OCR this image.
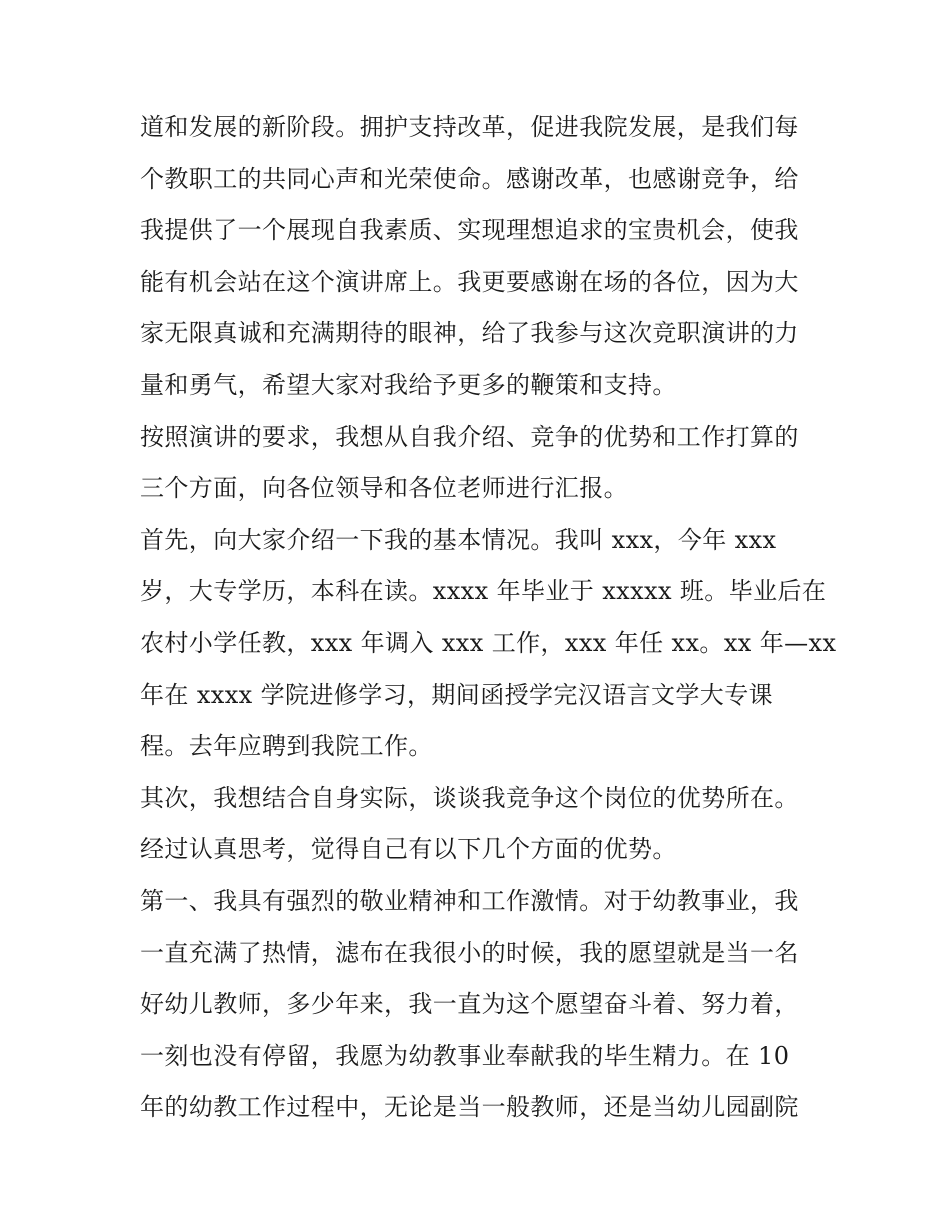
道和发展的新阶段。拥护支持改革，促进我院发展，是我们每
个教职工的共同心声和光荣使命。感谢改革，也感谢竞争，给
我提供了一个展现自我素质、实现理想追求的宝贵机会，使我
能有机会站在这个演讲席上。我更要感谢在场的各位，因为大
家无限真诚和充满期待的眼神，给了我参与这次竞职演讲的力
量和勇气，希望大家对我给予更多的鞭策和支持。
按照演讲的要求，我想从自我介绍、竞争的优势和工作打算的
三个方面，向各位领导和各位老师进行汇报。
首先，向大家介绍一下我的基本情况。我叫 xxx，今年 xxx
岁，大专学历，本科在读。xxxx 年毕业于 xxxxx 班。毕业后在
农村小学任教，xxx 年调入 xxx 工作，xxx 年任 xx。xx 年—xx
年在 xxxx 学院进修学习，期间函授学完汉语言文学大专课
程。去年应聘到我院工作。
其次，我想结合自身实际，谈谈我竞争这个岗位的优势所在。
经过认真思考，觉得自己有以下几个方面的优势。
第一、我具有强烈的敬业精神和工作激情。对于幼教事业，我
一直充满了热情，滤布在我很小的时候，我的愿望就是当一名
好幼儿教师，多少年来，我一直为这个愿望奋斗着、努力着，
一刻也没有停留，我愿为幼教事业奉献我的毕生精力。在 10
年的幼教工作过程中，无论是当一般教师，还是当幼儿园副院
